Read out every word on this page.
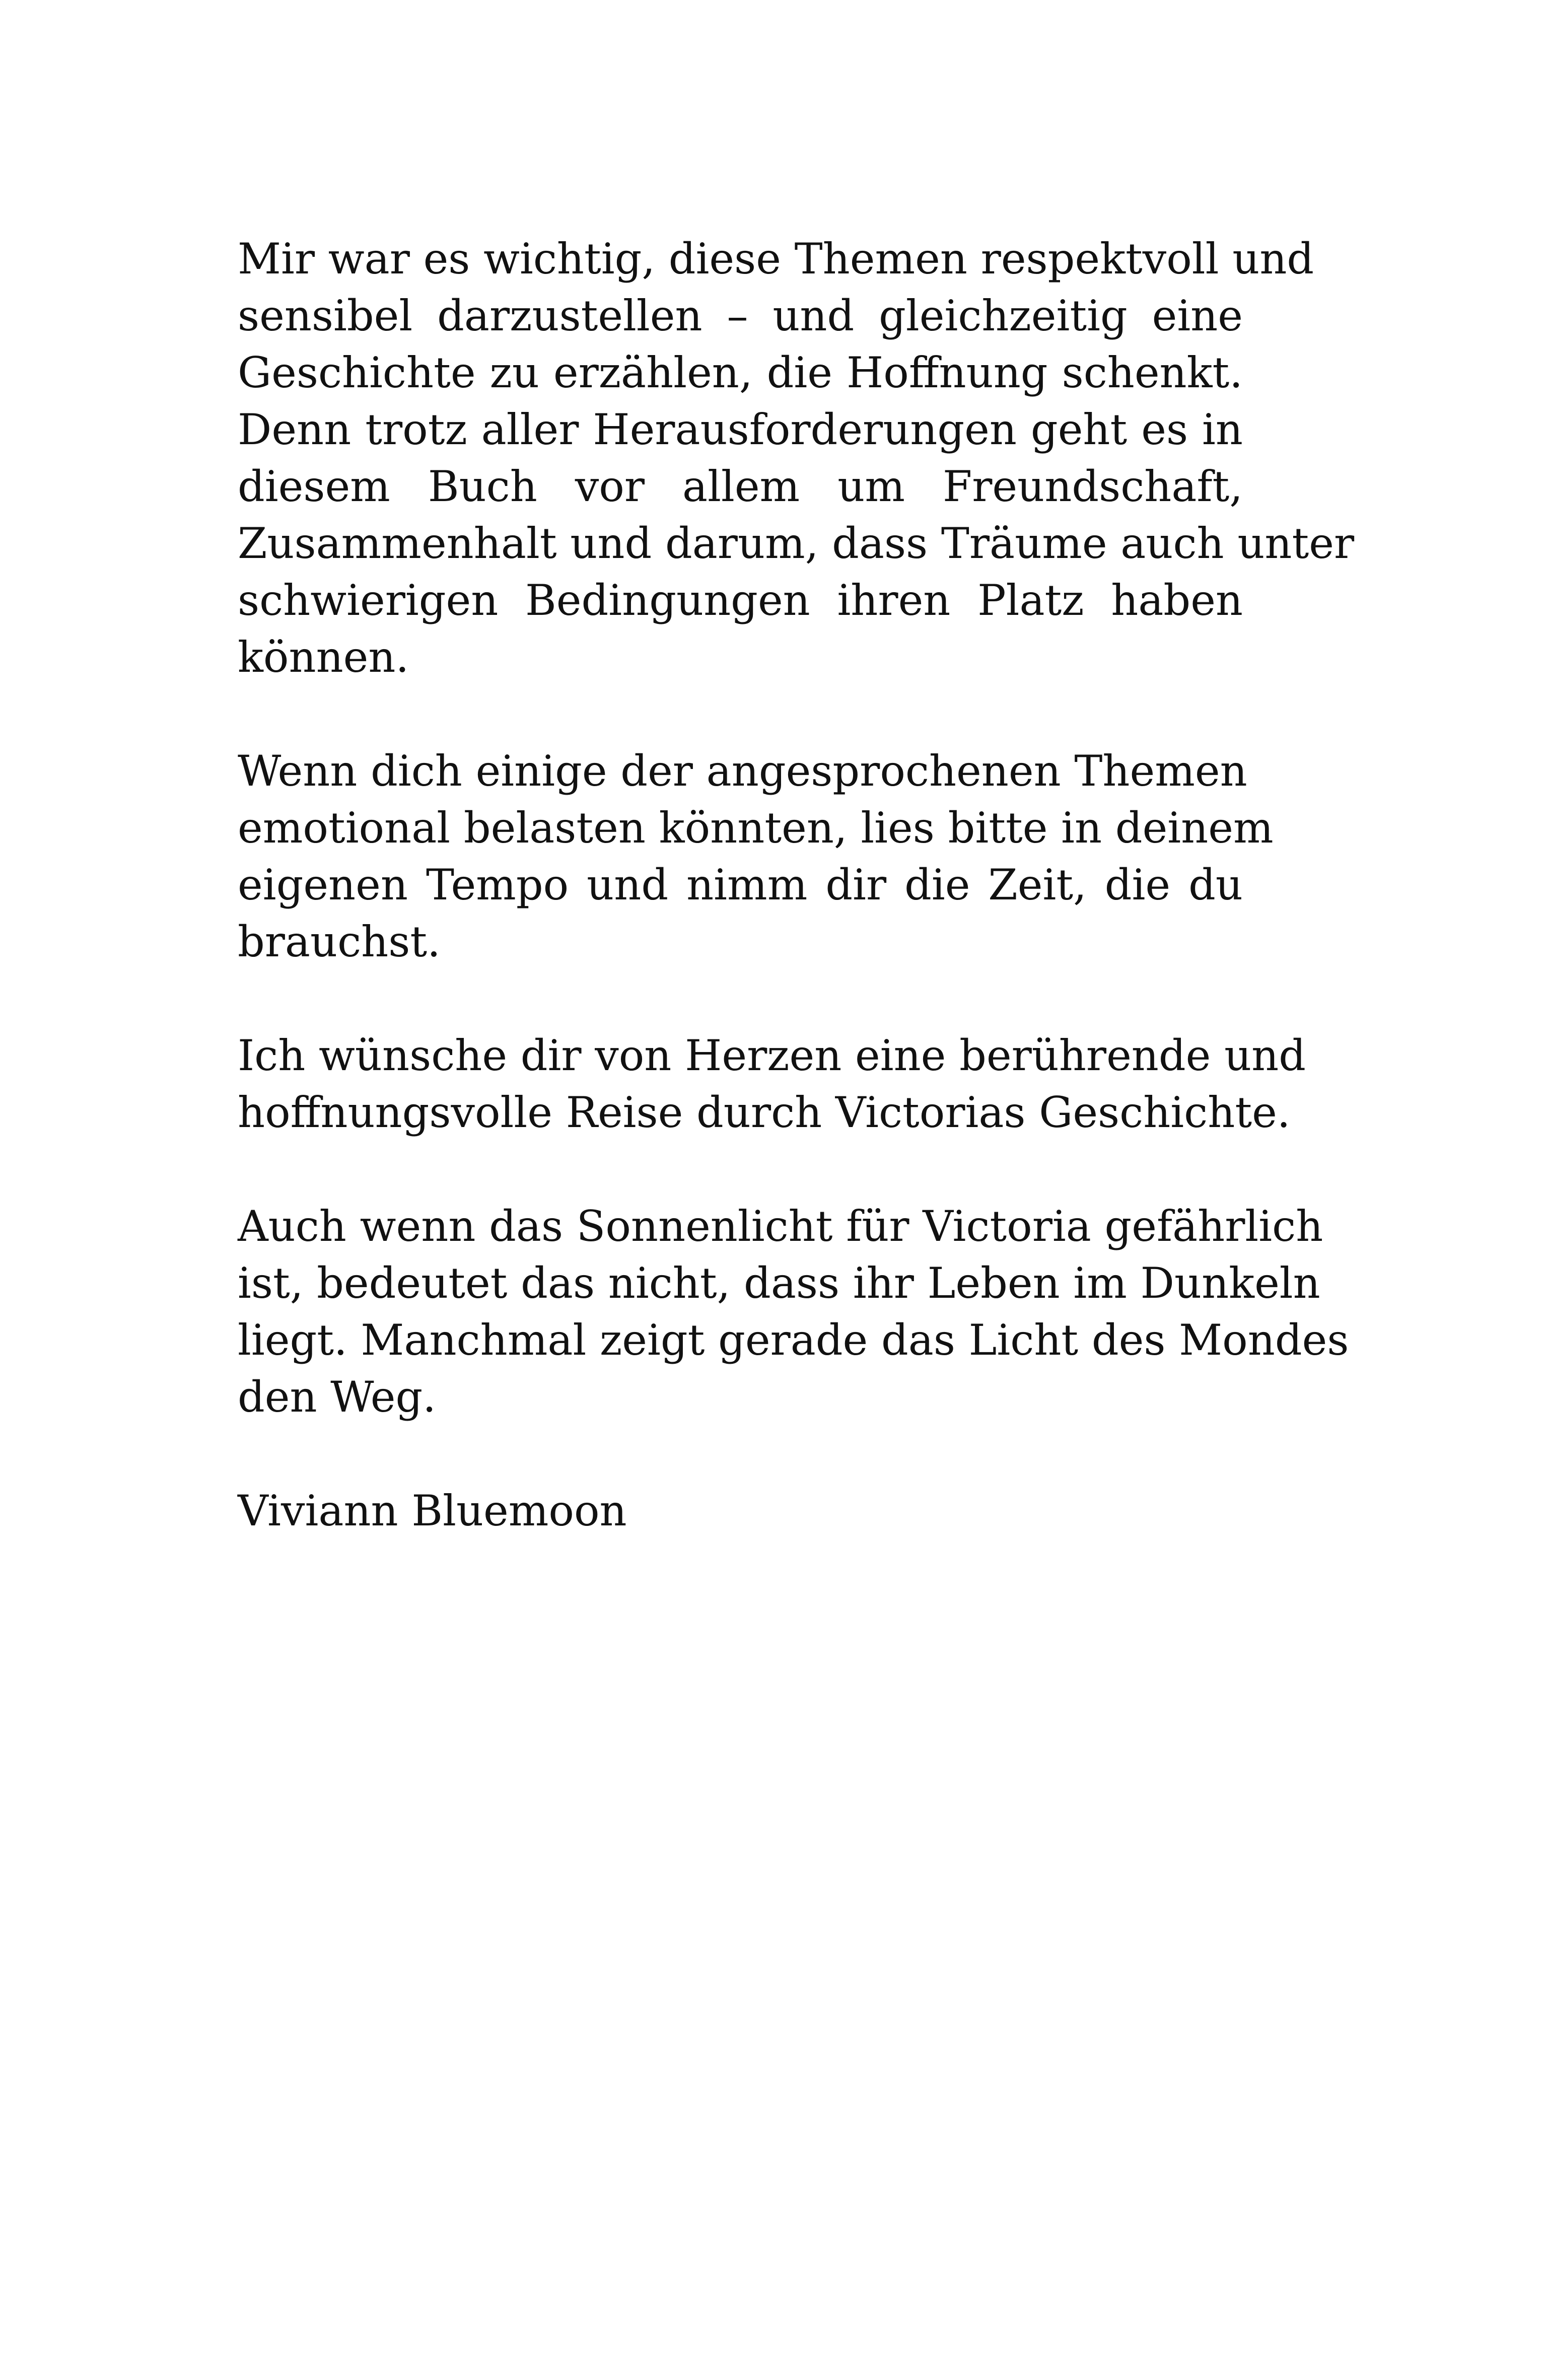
Mir war es wichtig, diese Themen respektvoll und
sensibel darzustellen – und gleichzeitig eine
Geschichte zu erzählen, die Hoffnung schenkt.
Denn trotz aller Herausforderungen geht es in
diesem Buch vor allem um Freundschaft,
Zusammenhalt und darum, dass Träume auch unter
schwierigen Bedingungen ihren Platz haben
können.
Wenn dich einige der angesprochenen Themen
emotional belasten könnten, lies bitte in deinem
eigenen Tempo und nimm dir die Zeit, die du
brauchst.
Ich wünsche dir von Herzen eine berührende und
hoffnungsvolle Reise durch Victorias Geschichte.
Auch wenn das Sonnenlicht für Victoria gefährlich
ist, bedeutet das nicht, dass ihr Leben im Dunkeln
liegt. Manchmal zeigt gerade das Licht des Mondes
den Weg.
Viviann Bluemoon
